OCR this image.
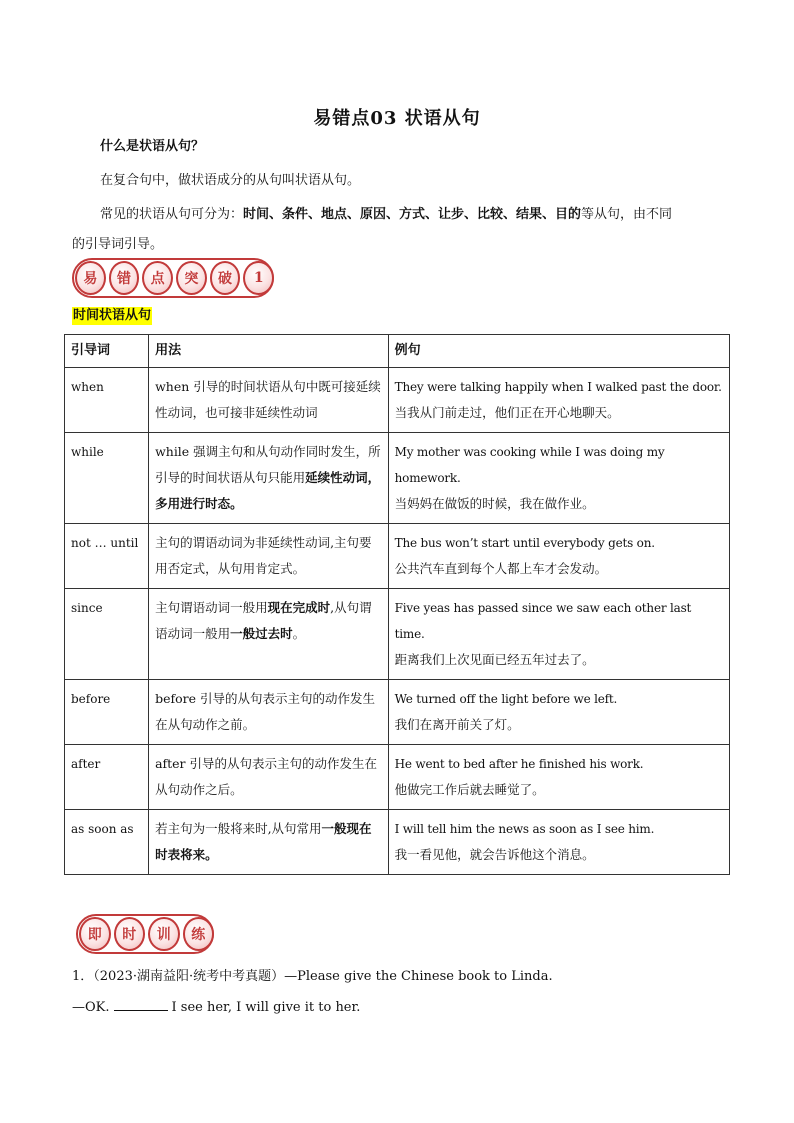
易错点03 状语从句
什么是状语从句？
在复合句中，做状语成分的从句叫状语从句。
常见的状语从句可分为：时间、条件、地点、原因、方式、让步、比较、结果、目的等从句，由不同
的引导词引导。
易	错	点	突	破	1
时间状语从句
引导词	用法	例句
when	when 引导的时间状语从句中既可接延续性动词，也可接非延续性动词	They were talking happily when I walked past the door.
当我从门前走过，他们正在开心地聊天。

while	while 强调主句和从句动作同时发生，所引导的时间状语从句只能用延续性动词，多用进行时态。	My mother was cooking while I was doing my homework.
当妈妈在做饭的时候，我在做作业。

not … until	主句的谓语动词为非延续性动词,主句要用否定式，从句用肯定式。	The bus won’t start until everybody gets on.
公共汽车直到每个人都上车才会发动。

since	主句谓语动词一般用现在完成时,从句谓语动词一般用一般过去时。	Five yeas has passed since we saw each other last time.
距离我们上次见面已经五年过去了。

before	before 引导的从句表示主句的动作发生在从句动作之前。	We turned off the light before we left.
我们在离开前关了灯。

after	after 引导的从句表示主句的动作发生在从句动作之后。	He went to bed after he finished his work.
他做完工作后就去睡觉了。

as soon as	若主句为一般将来时,从句常用一般现在时表将来。	I will tell him the news as soon as I see him.
我一看见他，就会告诉他这个消息。
即	时	训	练
1．（2023·湖南益阳·统考中考真题）—Please give the Chinese book to Linda.
—OK.	I see her, I will give it to her.
